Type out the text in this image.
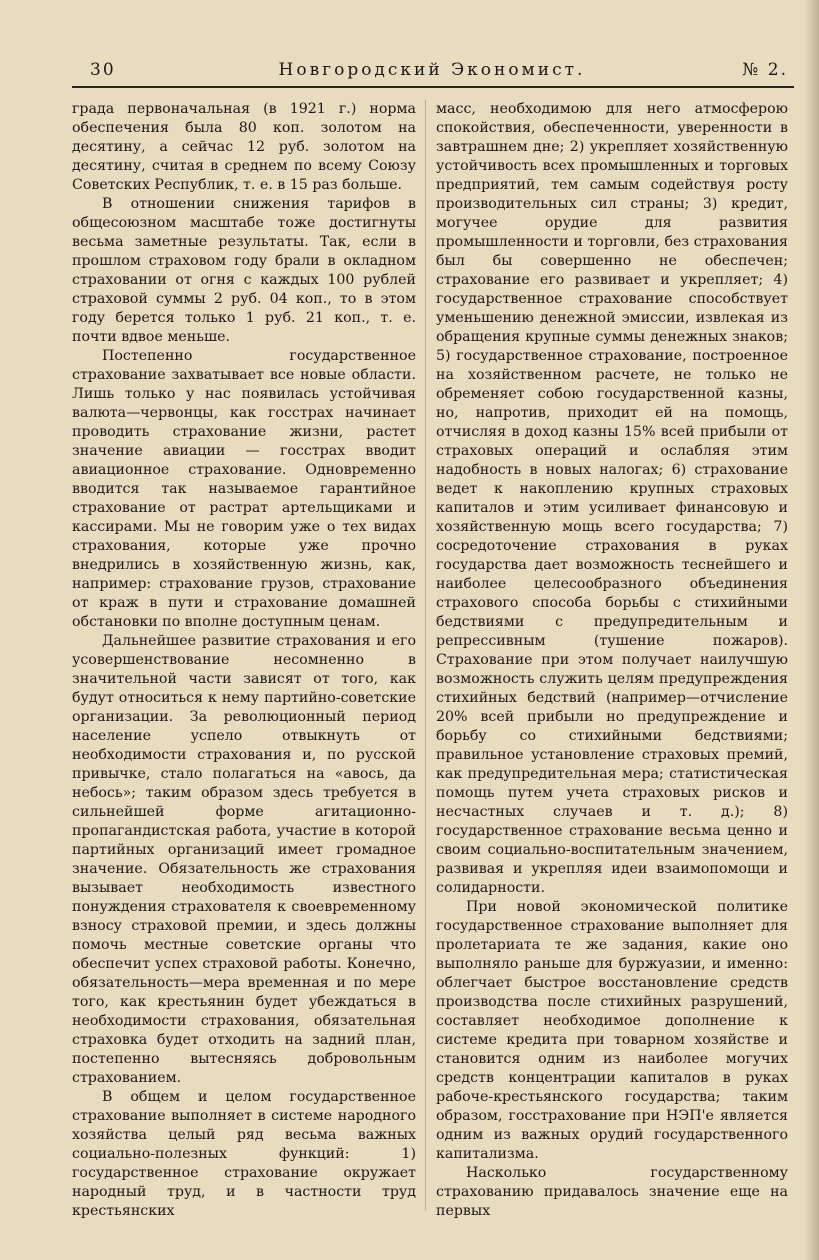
30	Новгородский Экономист.	№ 2.

града первоначальная (в 1921 г.) норма обеспечения была 80 коп. золотом на десятину, а сейчас 12 руб. золотом на десятину, считая в среднем по всему Союзу Советских Республик, т. е. в 15 раз больше.

В отношении снижения тарифов в общесоюзном масштабе тоже достигнуты весьма заметные результаты. Так, если в прошлом страховом году брали в окладном страховании от огня с каждых 100 рублей страховой суммы 2 руб. 04 коп., то в этом году берется только 1 руб. 21 коп., т. е. почти вдвое меньше.

Постепенно государственное страхование захватывает все новые области. Лишь только у нас появилась устойчивая валюта—червонцы, как госстрах начинает проводить страхование жизни, растет значение авиации — госстрах вводит авиационное страхование. Одновременно вводится так называемое гарантийное страхование от растрат артельщиками и кассирами. Мы не говорим уже о тех видах страхования, которые уже прочно внедрились в хозяйственную жизнь, как, например: страхование грузов, страхование от краж в пути и страхование домашней обстановки по вполне доступным ценам.

Дальнейшее развитие страхования и его усовершенствование несомненно в значительной части зависят от того, как будут относиться к нему партийно-советские организации. За революционный период население успело отвыкнуть от необходимости страхования и, по русской привычке, стало полагаться на «авось, да небось»; таким образом здесь требуется в сильнейшей форме агитационно-пропагандистская работа, участие в которой партийных организаций имеет громадное значение. Обязательность же страхования вызывает необходимость известного понуждения страхователя к своевременному взносу страховой премии, и здесь должны помочь местные советские органы что обеспечит успех страховой работы. Конечно, обязательность—мера временная и по мере того, как крестьянин будет убеждаться в необходимости страхования, обязательная страховка будет отходить на задний план, постепенно вытесняясь добровольным страхованием.

В общем и целом государственное страхование выполняет в системе народного хозяйства целый ряд весьма важных социально-полезных функций: 1) государственное страхование окружает народный труд, и в частности труд крестьянских

масс, необходимою для него атмосферою спокойствия, обеспеченности, уверенности в завтрашнем дне; 2) укрепляет хозяйственную устойчивость всех промышленных и торговых предприятий, тем самым содействуя росту производительных сил страны; 3) кредит, могучее орудие для развития промышленности и торговли, без страхования был бы совершенно не обеспечен; страхование его развивает и укрепляет; 4) государственное страхование способствует уменьшению денежной эмиссии, извлекая из обращения крупные суммы денежных знаков; 5) государственное страхование, построенное на хозяйственном расчете, не только не обременяет собою государственной казны, но, напротив, приходит ей на помощь, отчисляя в доход казны 15% всей прибыли от страховых операций и ослабляя этим надобность в новых налогах; 6) страхование ведет к накоплению крупных страховых капиталов и этим усиливает финансовую и хозяйственную мощь всего государства; 7) сосредоточение страхования в руках государства дает возможность теснейшего и наиболее целесообразного объединения страхового способа борьбы с стихийными бедствиями с предупредительным и репрессивным (тушение пожаров). Страхование при этом получает наилучшую возможность служить целям предупреждения стихийных бедствий (например—отчисление 20% всей прибыли но предупреждение и борьбу со стихийными бедствиями; правильное установление страховых премий, как предупредительная мера; статистическая помощь путем учета страховых рисков и несчастных случаев и т. д.); 8) государственное страхование весьма ценно и своим социально-воспитательным значением, развивая и укрепляя идеи взаимопомощи и солидарности.

При новой экономической политике государственное страхование выполняет для пролетариата те же задания, какие оно выполняло раньше для буржуазии, и именно: облегчает быстрое восстановление средств производства после стихийных разрушений, составляет необходимое дополнение к системе кредита при товарном хозяйстве и становится одним из наиболее могучих средств концентрации капиталов в руках рабоче-крестьянского государства; таким образом, госстрахование при НЭП'е является одним из важных орудий государственного капитализма.

Насколько государственному страхованию придавалось значение еще на первых
